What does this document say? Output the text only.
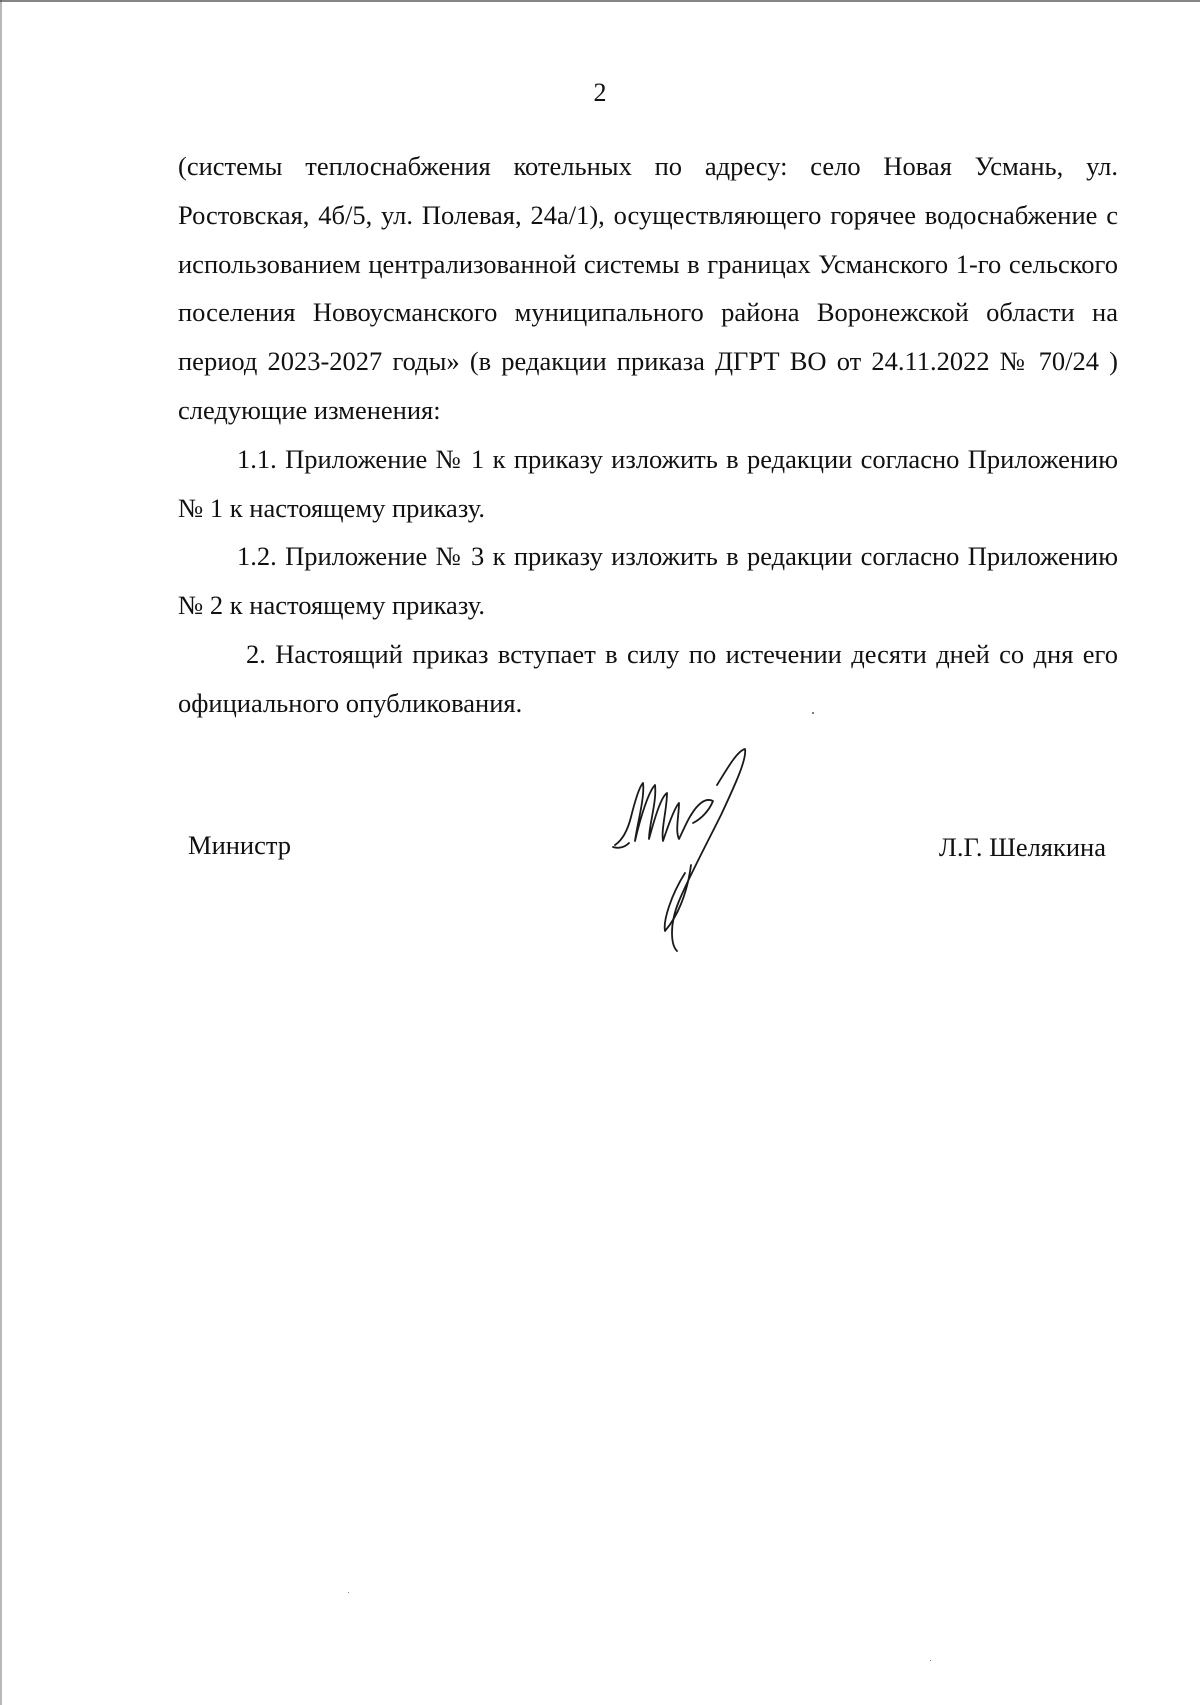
2

(системы теплоснабжения котельных по адресу: село Новая Усмань, ул. Ростовская, 4б/5, ул. Полевая, 24а/1), осуществляющего горячее водоснабжение с использованием централизованной системы в границах Усманского 1-го сельского поселения Новоусманского муниципального района Воронежской области на период 2023-2027 годы» (в редакции приказа ДГРТ ВО от 24.11.2022 № 70/24 ) следующие изменения:

1.1. Приложение № 1 к приказу изложить в редакции согласно Приложению № 1 к настоящему приказу.

1.2. Приложение № 3 к приказу изложить в редакции согласно Приложению № 2 к настоящему приказу.

2. Настоящий приказ вступает в силу по истечении десяти дней со дня его официального опубликования.

Министр	Л.Г. Шелякина
